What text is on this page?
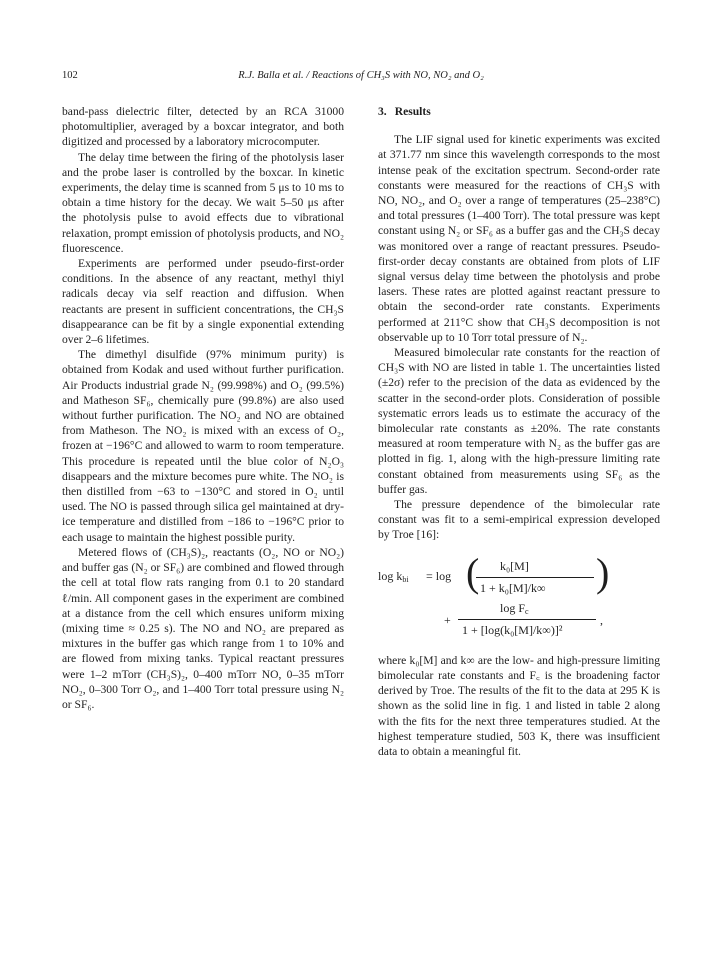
102	R.J. Balla et al. / Reactions of CH₃S with NO, NO₂ and O₂

band-pass dielectric filter, detected by an RCA 31000 photomultiplier, averaged by a boxcar integrator, and both digitized and processed by a laboratory microcomputer.

The delay time between the firing of the photolysis laser and the probe laser is controlled by the boxcar. In kinetic experiments, the delay time is scanned from 5 μs to 10 ms to obtain a time history for the decay. We wait 5–50 μs after the photolysis pulse to avoid effects due to vibrational relaxation, prompt emission of photolysis products, and NO₂ fluorescence.

Experiments are performed under pseudo-first-order conditions. In the absence of any reactant, methyl thiyl radicals decay via self reaction and diffusion. When reactants are present in sufficient concentrations, the CH₃S disappearance can be fit by a single exponential extending over 2–6 lifetimes.

The dimethyl disulfide (97% minimum purity) is obtained from Kodak and used without further purification. Air Products industrial grade N₂ (99.998%) and O₂ (99.5%) and Matheson SF₆, chemically pure (99.8%) are also used without further purification. The NO₂ and NO are obtained from Matheson. The NO₂ is mixed with an excess of O₂, frozen at −196°C and allowed to warm to room temperature. This procedure is repeated until the blue color of N₂O₃ disappears and the mixture becomes pure white. The NO₂ is then distilled from −63 to −130°C and stored in O₂ until used. The NO is passed through silica gel maintained at dry-ice temperature and distilled from −186 to −196°C prior to each usage to maintain the highest possible purity.

Metered flows of (CH₃S)₂, reactants (O₂, NO or NO₂) and buffer gas (N₂ or SF₆) are combined and flowed through the cell at total flow rats ranging from 0.1 to 20 standard ℓ/min. All component gases in the experiment are combined at a distance from the cell which ensures uniform mixing (mixing time ≈ 0.25 s). The NO and NO₂ are prepared as mixtures in the buffer gas which range from 1 to 10% and are flowed from mixing tanks. Typical reactant pressures were 1–2 mTorr (CH₃S)₂, 0–400 mTorr NO, 0–35 mTorr NO₂, 0–300 Torr O₂, and 1–400 Torr total pressure using N₂ or SF₆.

3. Results

The LIF signal used for kinetic experiments was excited at 371.77 nm since this wavelength corresponds to the most intense peak of the excitation spectrum. Second-order rate constants were measured for the reactions of CH₃S with NO, NO₂, and O₂ over a range of temperatures (25–238°C) and total pressures (1–400 Torr). The total pressure was kept constant using N₂ or SF₆ as a buffer gas and the CH₃S decay was monitored over a range of reactant pressures. Pseudo-first-order decay constants are obtained from plots of LIF signal versus delay time between the photolysis and probe lasers. These rates are plotted against reactant pressure to obtain the second-order rate constants. Experiments performed at 211°C show that CH₃S decomposition is not observable up to 10 Torr total pressure of N₂.

Measured bimolecular rate constants for the reaction of CH₃S with NO are listed in table 1. The uncertainties listed (±2σ) refer to the precision of the data as evidenced by the scatter in the second-order plots. Consideration of possible systematic errors leads us to estimate the accuracy of the bimolecular rate constants as ±20%. The rate constants measured at room temperature with N₂ as the buffer gas are plotted in fig. 1, along with the high-pressure limiting rate constant obtained from measurements using SF₆ as the buffer gas.

The pressure dependence of the bimolecular rate constant was fit to a semi-empirical expression developed by Troe [16]:

$\log k_{bi} = \log$ ( k₀[M]
1 + k₀[M]/k∞ )
+
$\log F_c$
1 + [log(k₀[M]/k∞)]²
,

where k₀[M] and k∞ are the low- and high-pressure limiting bimolecular rate constants and F꜀ is the broadening factor derived by Troe. The results of the fit to the data at 295 K is shown as the solid line in fig. 1 and listed in table 2 along with the fits for the next three temperatures studied. At the highest temperature studied, 503 K, there was insufficient data to obtain a meaningful fit.
